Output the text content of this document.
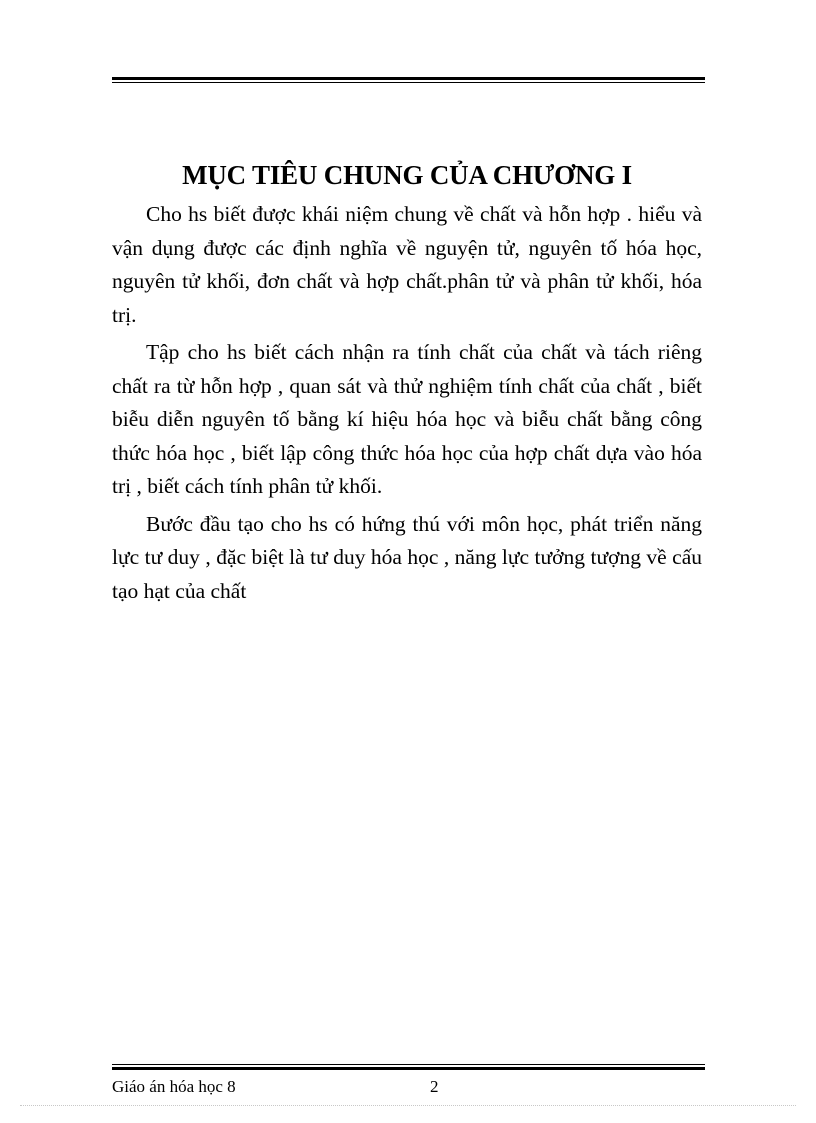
MỤC TIÊU CHUNG CỦA CHƯƠNG I

Cho hs biết được khái niệm chung về chất và hỗn hợp . hiểu và vận dụng được các định nghĩa về nguyện tử, nguyên tố hóa học, nguyên tử khối, đơn chất và hợp chất.phân tử và phân tử khối, hóa trị.

Tập cho hs biết cách nhận ra tính chất của chất và tách riêng chất ra từ hỗn hợp , quan sát và thử nghiệm tính chất của chất , biết biễu diễn nguyên tố bằng kí hiệu hóa học và biễu chất bằng công thức hóa học , biết lập công thức hóa học của hợp chất dựa vào hóa trị , biết cách tính phân tử khối.

Bước đầu tạo cho hs có hứng thú với môn học, phát triển năng lực tư duy , đặc biệt là tư duy hóa học , năng lực tưởng tượng về cấu tạo hạt của chất

Giáo án hóa học 8	2
